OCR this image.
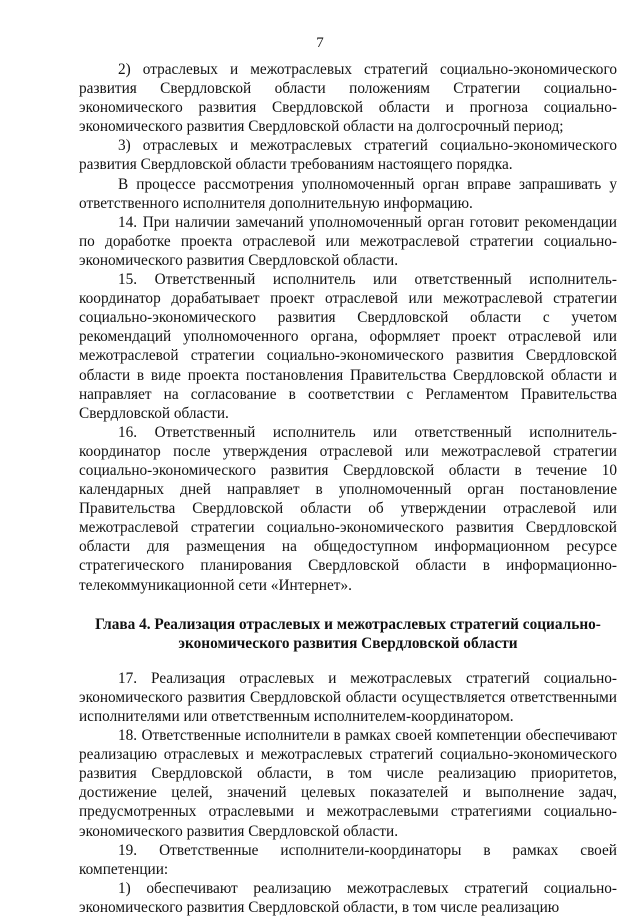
7

2) отраслевых и межотраслевых стратегий социально-экономического развития Свердловской области положениям Стратегии социально-экономического развития Свердловской области и прогноза социально-экономического развития Свердловской области на долгосрочный период;

3) отраслевых и межотраслевых стратегий социально-экономического развития Свердловской области требованиям настоящего порядка.

В процессе рассмотрения уполномоченный орган вправе запрашивать у ответственного исполнителя дополнительную информацию.

14. При наличии замечаний уполномоченный орган готовит рекомендации по доработке проекта отраслевой или межотраслевой стратегии социально-экономического развития Свердловской области.

15. Ответственный исполнитель или ответственный исполнитель-координатор дорабатывает проект отраслевой или межотраслевой стратегии социально-экономического развития Свердловской области с учетом рекомендаций уполномоченного органа, оформляет проект отраслевой или межотраслевой стратегии социально-экономического развития Свердловской области в виде проекта постановления Правительства Свердловской области и направляет на согласование в соответствии с Регламентом Правительства Свердловской области.

16. Ответственный исполнитель или ответственный исполнитель-координатор после утверждения отраслевой или межотраслевой стратегии социально-экономического развития Свердловской области в течение 10 календарных дней направляет в уполномоченный орган постановление Правительства Свердловской области об утверждении отраслевой или межотраслевой стратегии социально-экономического развития Свердловской области для размещения на общедоступном информационном ресурсе стратегического планирования Свердловской области в информационно-телекоммуникационной сети «Интернет».

Глава 4. Реализация отраслевых и межотраслевых стратегий социально-
экономического развития Свердловской области

17. Реализация отраслевых и межотраслевых стратегий социально-экономического развития Свердловской области осуществляется ответственными исполнителями или ответственным исполнителем-координатором.

18. Ответственные исполнители в рамках своей компетенции обеспечивают реализацию отраслевых и межотраслевых стратегий социально-экономического развития Свердловской области, в том числе реализацию приоритетов, достижение целей, значений целевых показателей и выполнение задач, предусмотренных отраслевыми и межотраслевыми стратегиями социально-экономического развития Свердловской области.

19. Ответственные исполнители-координаторы в рамках своей компетенции:

1) обеспечивают реализацию межотраслевых стратегий социально-экономического развития Свердловской области, в том числе реализацию
